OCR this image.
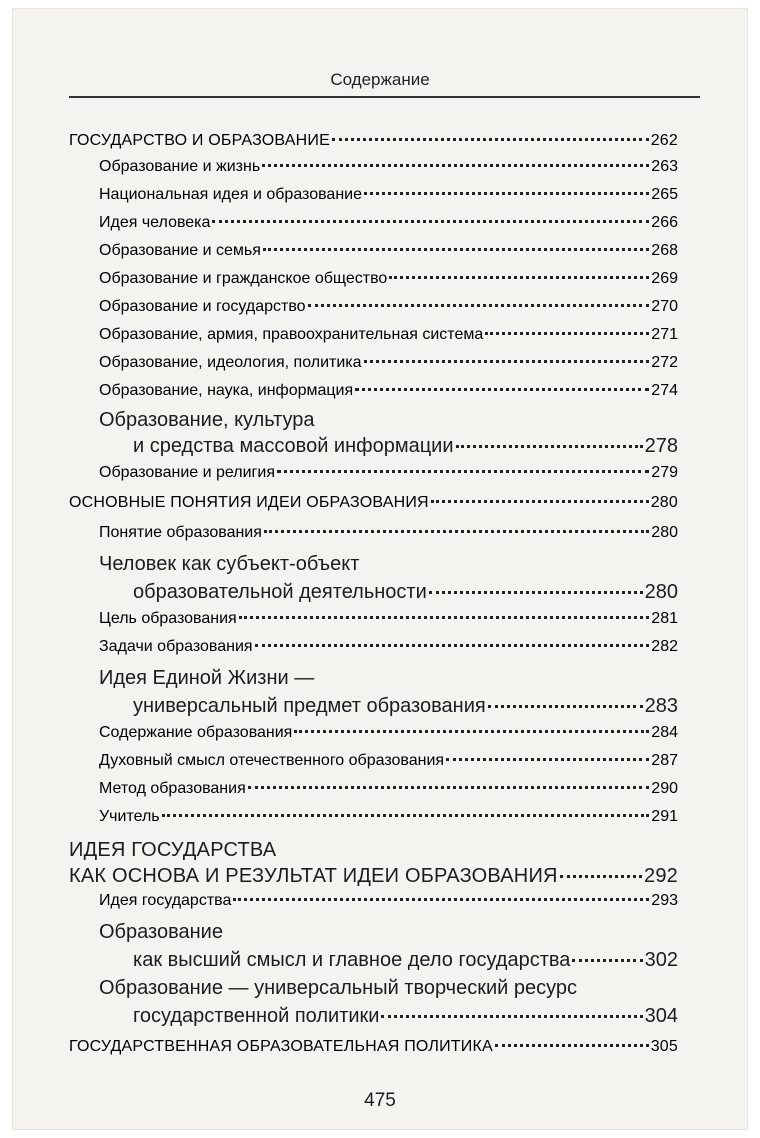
Содержание
ГОСУДАРСТВО И ОБРАЗОВАНИЕ	262
Образование и жизнь	263
Национальная идея и образование	265
Идея человека	266
Образование и семья	268
Образование и гражданское общество	269
Образование и государство	270
Образование, армия, правоохранительная система	271
Образование, идеология, политика	272
Образование, наука, информация	274
Образование, культура
и средства массовой информации	278
Образование и религия	279
ОСНОВНЫЕ ПОНЯТИЯ ИДЕИ ОБРАЗОВАНИЯ	280
Понятие образования	280
Человек как субъект-объект
образовательной деятельности	280
Цель образования	281
Задачи образования	282
Идея Единой Жизни —
универсальный предмет образования	283
Содержание образования	284
Духовный смысл отечественного образования	287
Метод образования	290
Учитель	291
ИДЕЯ ГОСУДАРСТВА
КАК ОСНОВА И РЕЗУЛЬТАТ ИДЕИ ОБРАЗОВАНИЯ	292
Идея государства	293
Образование
как высший смысл и главное дело государства	302
Образование — универсальный творческий ресурс
государственной политики	304
ГОСУДАРСТВЕННАЯ ОБРАЗОВАТЕЛЬНАЯ ПОЛИТИКА	305
475
